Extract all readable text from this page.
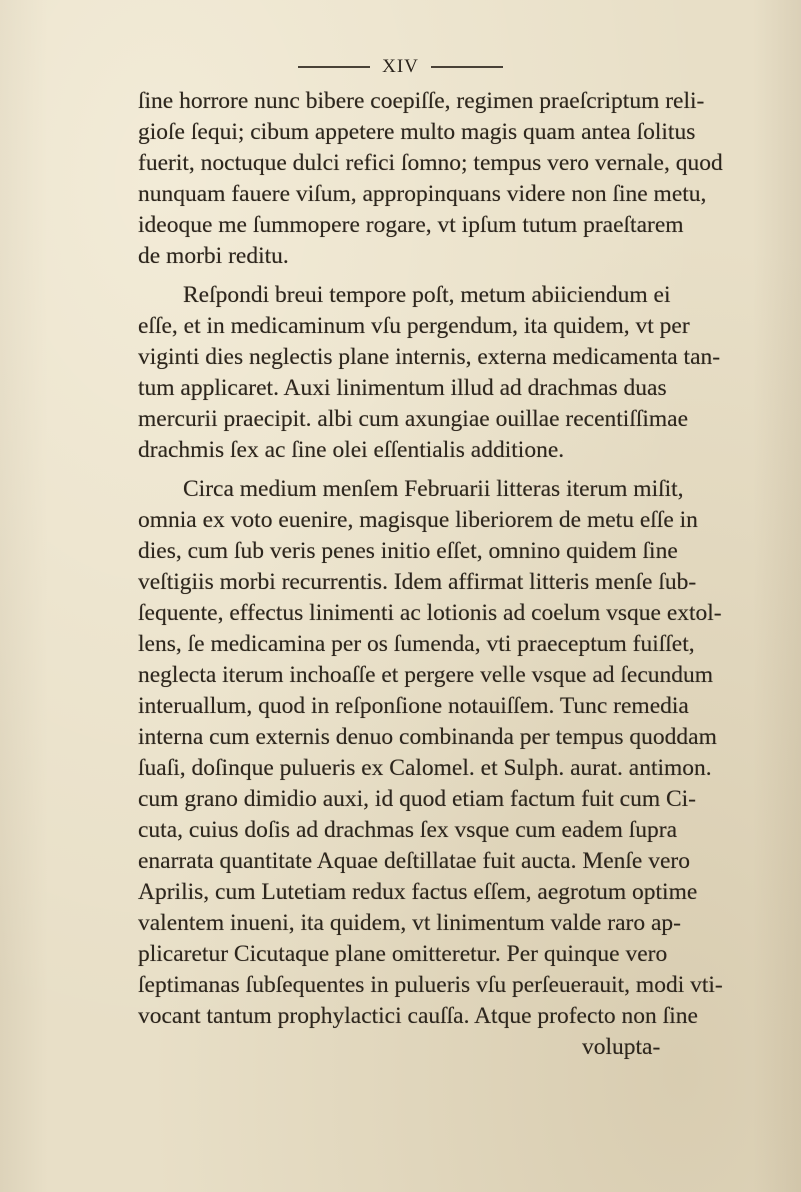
XIV
ſine horrore nunc bibere coepiſſe, regimen praeſcriptum reli-
gioſe ſequi; cibum appetere multo magis quam antea ſolitus
fuerit, noctuque dulci refici ſomno; tempus vero vernale, quod
nunquam fauere viſum, appropinquans videre non ſine metu,
ideoque me ſummopere rogare, vt ipſum tutum praeſtarem
de morbi reditu.
Reſpondi breui tempore poſt, metum abiiciendum ei
eſſe, et in medicaminum vſu pergendum, ita quidem, vt per
viginti dies neglectis plane internis, externa medicamenta tan-
tum applicaret. Auxi linimentum illud ad drachmas duas
mercurii praecipit. albi cum axungiae ouillae recentiſſimae
drachmis ſex ac ſine olei eſſentialis additione.
Circa medium menſem Februarii litteras iterum miſit,
omnia ex voto euenire, magisque liberiorem de metu eſſe in
dies, cum ſub veris penes initio eſſet, omnino quidem ſine
veſtigiis morbi recurrentis. Idem affirmat litteris menſe ſub-
ſequente, effectus linimenti ac lotionis ad coelum vsque extol-
lens, ſe medicamina per os ſumenda, vti praeceptum fuiſſet,
neglecta iterum inchoaſſe et pergere velle vsque ad ſecundum
interuallum, quod in reſponſione notauiſſem. Tunc remedia
interna cum externis denuo combinanda per tempus quoddam
ſuaſi, doſinque pulueris ex Calomel. et Sulph. aurat. antimon.
cum grano dimidio auxi, id quod etiam factum fuit cum Ci-
cuta, cuius doſis ad drachmas ſex vsque cum eadem ſupra
enarrata quantitate Aquae deſtillatae fuit aucta. Menſe vero
Aprilis, cum Lutetiam redux factus eſſem, aegrotum optime
valentem inueni, ita quidem, vt linimentum valde raro ap-
plicaretur Cicutaque plane omitteretur. Per quinque vero
ſeptimanas ſubſequentes in pulueris vſu perſeuerauit, modi vti-
vocant tantum prophylactici cauſſa. Atque profecto non ſine
volupta-
